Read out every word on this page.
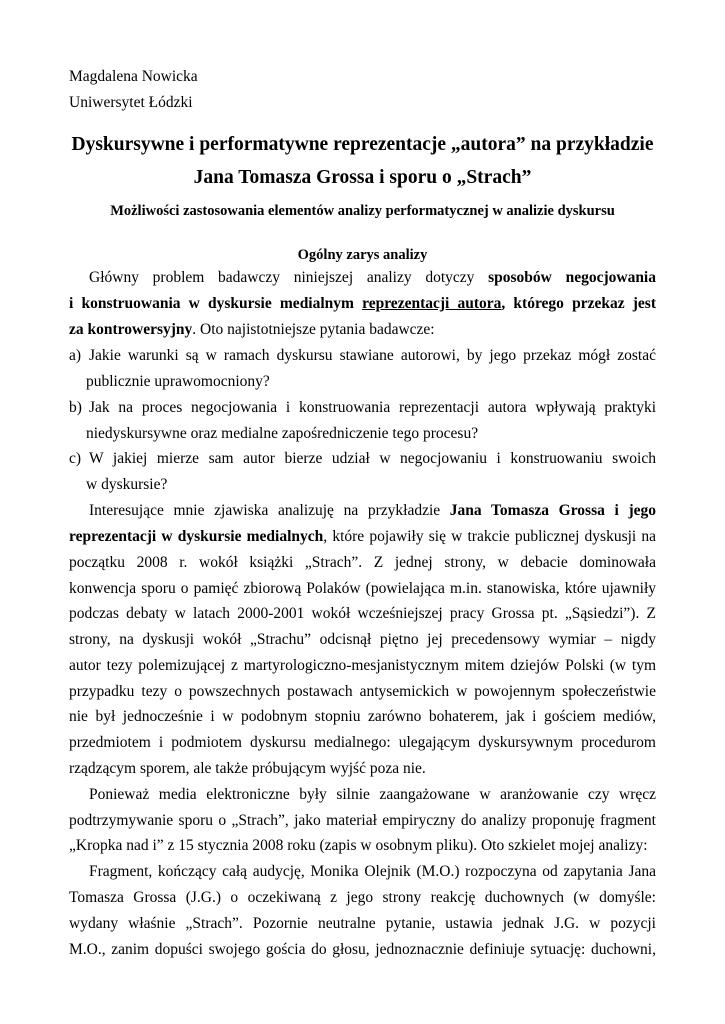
Magdalena Nowicka
Uniwersytet Łódzki
Dyskursywne i performatywne reprezentacje „autora” na przykładzie
Jana Tomasza Grossa i sporu o „Strach”
Możliwości zastosowania elementów analizy performatycznej w analizie dyskursu
Ogólny zarys analizy
Główny problem badawczy niniejszej analizy dotyczy sposobów negocjowania
i konstruowania w dyskursie medialnym reprezentacji autora, którego przekaz jest
za kontrowersyjny. Oto najistotniejsze pytania badawcze:
a) Jakie warunki są w ramach dyskursu stawiane autorowi, by jego przekaz mógł zostać
publicznie uprawomocniony?
b) Jak na proces negocjowania i konstruowania reprezentacji autora wpływają praktyki
niedyskursywne oraz medialne zapośredniczenie tego procesu?
c) W jakiej mierze sam autor bierze udział w negocjowaniu i konstruowaniu swoich
w dyskursie?
Interesujące mnie zjawiska analizuję na przykładzie Jana Tomasza Grossa i jego
reprezentacji w dyskursie medialnych, które pojawiły się w trakcie publicznej dyskusji na
początku 2008 r. wokół książki „Strach”. Z jednej strony, w debacie dominowała
konwencja sporu o pamięć zbiorową Polaków (powielająca m.in. stanowiska, które ujawniły
podczas debaty w latach 2000-2001 wokół wcześniejszej pracy Grossa pt. „Sąsiedzi”). Z
strony, na dyskusji wokół „Strachu” odcisnął piętno jej precedensowy wymiar – nigdy
autor tezy polemizującej z martyrologiczno-mesjanistycznym mitem dziejów Polski (w tym
przypadku tezy o powszechnych postawach antysemickich w powojennym społeczeństwie
nie był jednocześnie i w podobnym stopniu zarówno bohaterem, jak i gościem mediów,
przedmiotem i podmiotem dyskursu medialnego: ulegającym dyskursywnym procedurom
rządzącym sporem, ale także próbującym wyjść poza nie.
Ponieważ media elektroniczne były silnie zaangażowane w aranżowanie czy wręcz
podtrzymywanie sporu o „Strach”, jako materiał empiryczny do analizy proponuję fragment
„Kropka nad i” z 15 stycznia 2008 roku (zapis w osobnym pliku). Oto szkielet mojej analizy:
Fragment, kończący całą audycję, Monika Olejnik (M.O.) rozpoczyna od zapytania Jana
Tomasza Grossa (J.G.) o oczekiwaną z jego strony reakcję duchownych (w domyśle:
wydany właśnie „Strach”. Pozornie neutralne pytanie, ustawia jednak J.G. w pozycji
M.O., zanim dopuści swojego gościa do głosu, jednoznacznie definiuje sytuację: duchowni,
